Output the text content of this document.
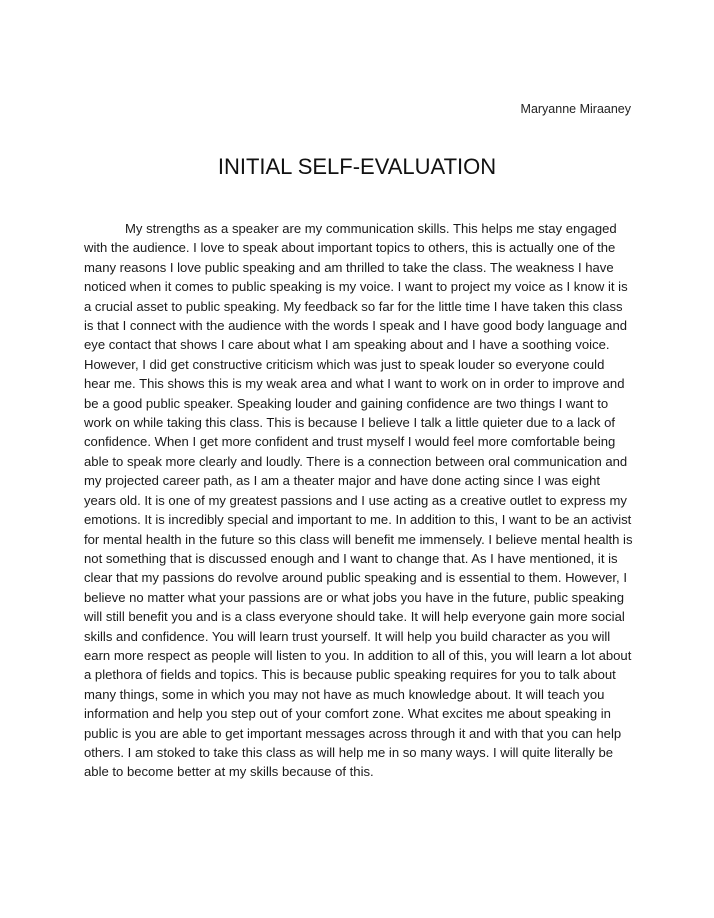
Maryanne Miraaney
INITIAL SELF-EVALUATION

My strengths as a speaker are my communication skills. This helps me stay engaged with the audience. I love to speak about important topics to others, this is actually one of the many reasons I love public speaking and am thrilled to take the class. The weakness I have noticed when it comes to public speaking is my voice. I want to project my voice as I know it is a crucial asset to public speaking. My feedback so far for the little time I have taken this class is that I connect with the audience with the words I speak and I have good body language and eye contact that shows I care about what I am speaking about and I have a soothing voice. However, I did get constructive criticism which was just to speak louder so everyone could hear me. This shows this is my weak area and what I want to work on in order to improve and be a good public speaker. Speaking louder and gaining confidence are two things I want to work on while taking this class. This is because I believe I talk a little quieter due to a lack of confidence. When I get more confident and trust myself I would feel more comfortable being able to speak more clearly and loudly. There is a connection between oral communication and my projected career path, as I am a theater major and have done acting since I was eight years old. It is one of my greatest passions and I use acting as a creative outlet to express my emotions. It is incredibly special and important to me. In addition to this, I want to be an activist for mental health in the future so this class will benefit me immensely. I believe mental health is not something that is discussed enough and I want to change that. As I have mentioned, it is clear that my passions do revolve around public speaking and is essential to them. However, I believe no matter what your passions are or what jobs you have in the future, public speaking will still benefit you and is a class everyone should take. It will help everyone gain more social skills and confidence. You will learn trust yourself. It will help you build character as you will earn more respect as people will listen to you. In addition to all of this, you will learn a lot about a plethora of fields and topics. This is because public speaking requires for you to talk about many things, some in which you may not have as much knowledge about. It will teach you information and help you step out of your comfort zone. What excites me about speaking in public is you are able to get important messages across through it and with that you can help others. I am stoked to take this class as will help me in so many ways. I will quite literally be able to become better at my skills because of this.
